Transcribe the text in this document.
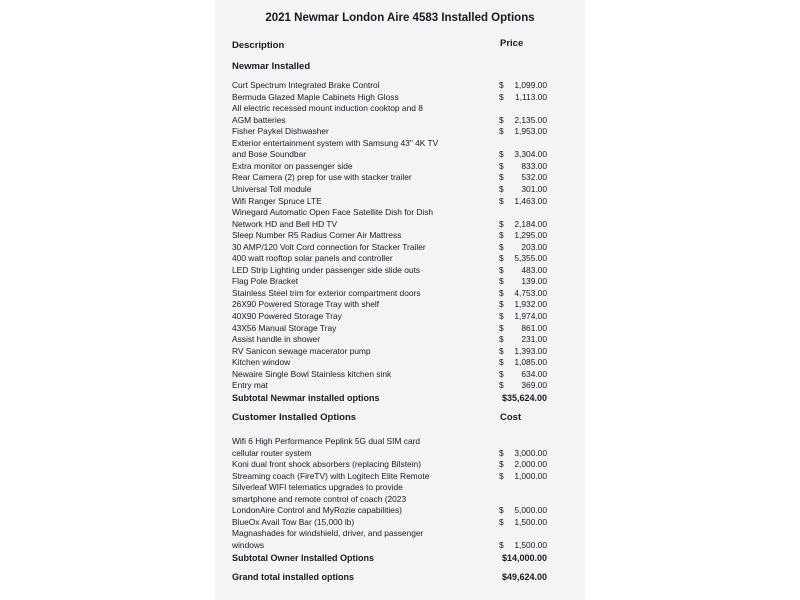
2021 Newmar London Aire 4583 Installed Options
Description	Price
Newmar Installed
Curt Spectrum Integrated Brake Control	$	1,099.00
Bermuda Glazed Maple Cabinets High Gloss	$	1,113.00
All electric recessed mount induction cooktop and 8
AGM batteries	$	2,135.00
Fisher Paykel Dishwasher	$	1,953.00
Exterior entertainment system with Samsung 43" 4K TV
and Bose Soundbar	$	3,304.00
Extra monitor on passenger side	$	833.00
Rear Camera (2) prep for use with stacker trailer	$	532.00
Universal Toll module	$	301.00
Wifi Ranger Spruce LTE	$	1,463.00
Winegard Automatic Open Face Satellite Dish for Dish
Network HD and Bell HD TV	$	2,184.00
Sleep Number R5 Radius Corner Air Mattress	$	1,295.00
30 AMP/120 Volt Cord connection for Stacker Trailer	$	203.00
400 watt rooftop solar panels and controller	$	5,355.00
LED Strip Lighting under passenger side slide outs	$	483.00
Flag Pole Bracket	$	139.00
Stainless Steel trim for exterior compartment doors	$	4,753.00
26X90 Powered Storage Tray with shelf	$	1,932.00
40X90 Powered Storage Tray	$	1,974.00
43X56 Manual Storage Tray	$	861.00
Assist handle in shower	$	231.00
RV Sanicon sewage macerator pump	$	1,393.00
Kitchen window	$	1,085.00
Newaire Single Bowl Stainless kitchen sink	$	634.00
Entry mat	$	369.00
Subtotal Newmar installed options	$35,624.00
Customer Installed Options	Cost
Wifi 6 High Performance Peplink 5G dual SIM card
cellular router system	$	3,000.00
Koni dual front shock absorbers (replacing Bilstein)	$	2,000.00
Streaming coach (FireTV) with Logitech Elite Remote	$	1,000.00
Silverleaf WIFI telematics upgrades to provide
smartphone and remote control of coach (2023
LondonAire Control and MyRozie capabilities)	$	5,000.00
BlueOx Avail Tow Bar (15,000 lb)	$	1,500.00
Magnashades for windshield, driver, and passenger
windows	$	1,500.00
Subtotal Owner Installed Options	$14,000.00
Grand total installed options	$49,624.00
